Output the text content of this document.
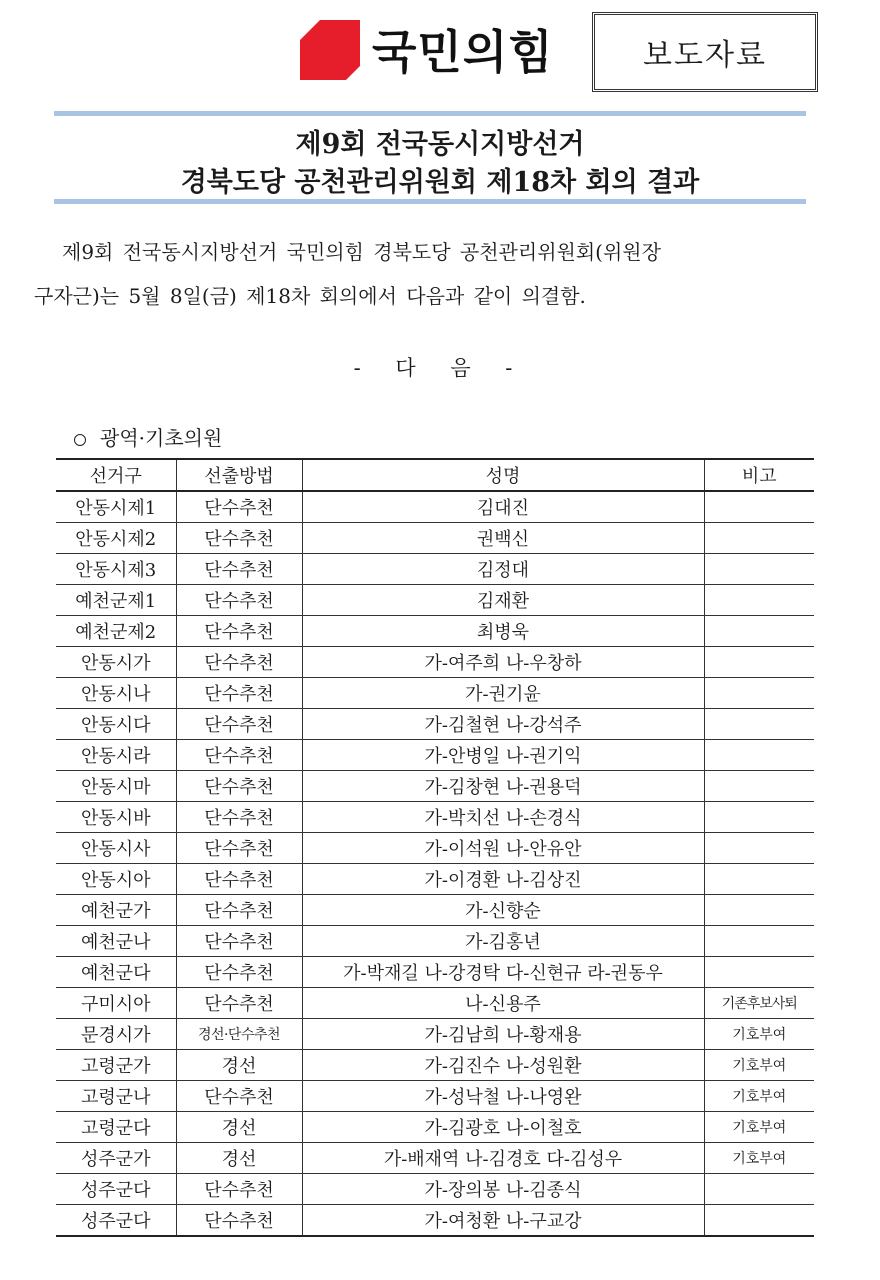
국민의힘	보도자료
제9회 전국동시지방선거
경북도당 공천관리위원회 제18차 회의 결과
제9회 전국동시지방선거 국민의힘 경북도당 공천관리위원회(위원장
구자근)는 5월 8일(금) 제18차 회의에서 다음과 같이 의결함.
- 다 음 -
광역·기초의원
선거구	선출방법	성명	비고
안동시제1	단수추천	김대진	
안동시제2	단수추천	권백신	
안동시제3	단수추천	김정대	
예천군제1	단수추천	김재환	
예천군제2	단수추천	최병욱	
안동시가	단수추천	가-여주희 나-우창하	
안동시나	단수추천	가-권기윤	
안동시다	단수추천	가-김철현 나-강석주	
안동시라	단수추천	가-안병일 나-권기익	
안동시마	단수추천	가-김창현 나-권용덕	
안동시바	단수추천	가-박치선 나-손경식	
안동시사	단수추천	가-이석원 나-안유안	
안동시아	단수추천	가-이경환 나-김상진	
예천군가	단수추천	가-신향순	
예천군나	단수추천	가-김홍년	
예천군다	단수추천	가-박재길 나-강경탁 다-신현규 라-권동우	
구미시아	단수추천	나-신용주	기존후보사퇴
문경시가	경선·단수추천	가-김남희 나-황재용	기호부여
고령군가	경선	가-김진수 나-성원환	기호부여
고령군나	단수추천	가-성낙철 나-나영완	기호부여
고령군다	경선	가-김광호 나-이철호	기호부여
성주군가	경선	가-배재역 나-김경호 다-김성우	기호부여
성주군다	단수추천	가-장의봉 나-김종식	
성주군다	단수추천	가-여청환 나-구교강	
